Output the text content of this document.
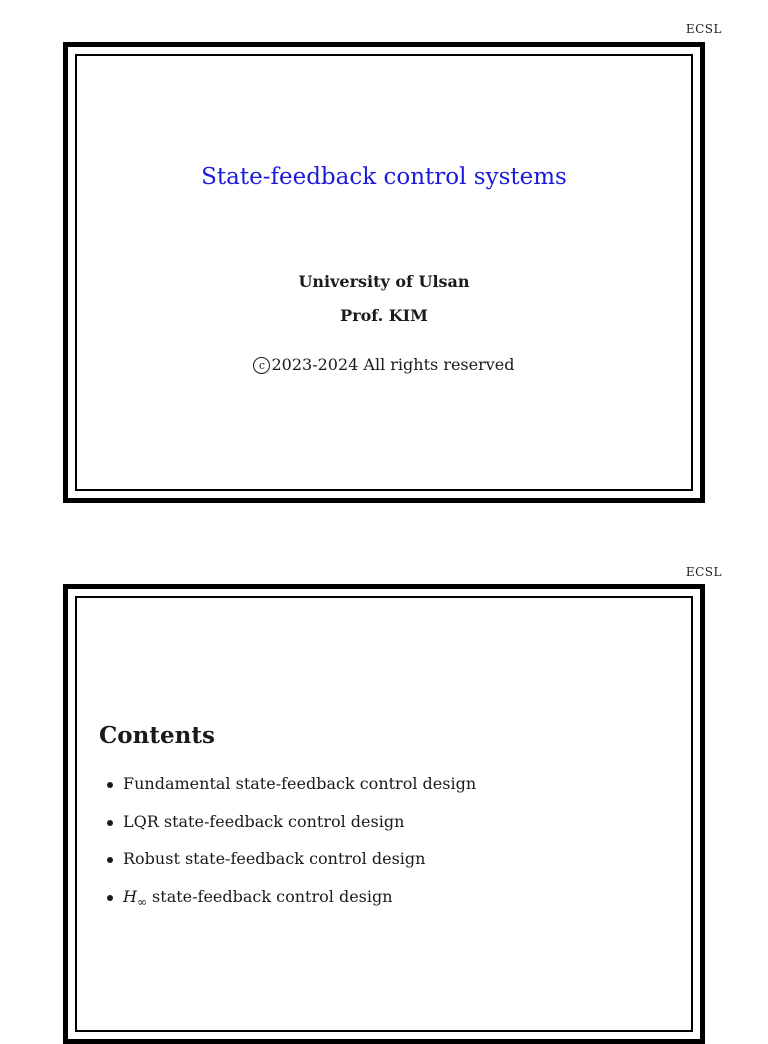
ECSL
State-feedback control systems
University of Ulsan
Prof. KIM
c 2023-2024 All rights reserved
ECSL
Contents
Fundamental state-feedback control design
LQR state-feedback control design
Robust state-feedback control design
$H_\infty$
state-feedback control design
